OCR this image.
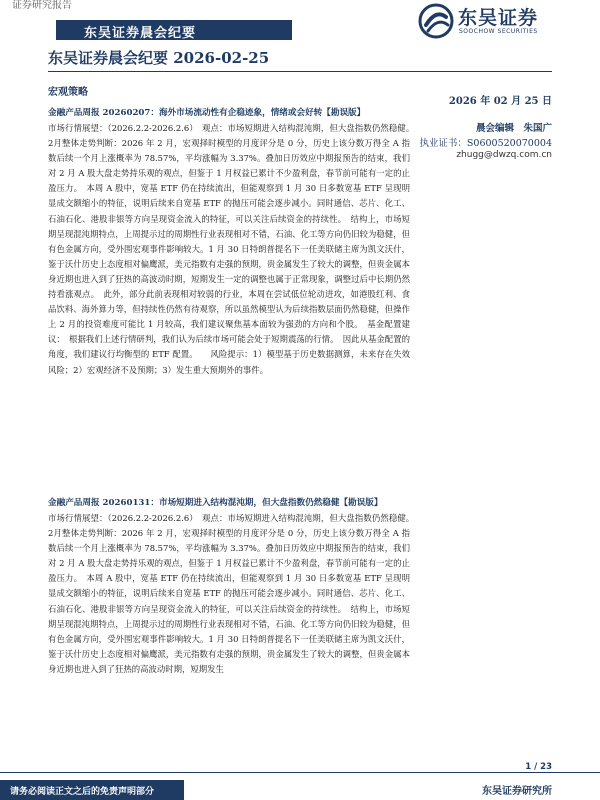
证券研究报告
东吴证券晨会纪要
东吴证券
SOOCHOW SECURITIES
东吴证券晨会纪要 2026-02-25
宏观策略
2026 年 02 月 25 日
晨会编辑　朱国广
执业证书：S0600520070004
zhugg@dwzq.com.cn

金融产品周报 20260207：海外市场流动性有企稳迹象，情绪或会好转【勘误版】

市场行情展望：（2026.2.2-2026.2.6）　观点：市场短期进入结构混沌期，但大盘指数仍然稳健。　2月整体走势判断：2026 年 2 月，宏观择时模型的月度评分是 0 分，历史上该分数万得全 A 指数后续一个月上涨概率为 78.57%，平均涨幅为 3.37%。叠加日历效应中期报预告的结束，我们对 2 月 A 股大盘走势持乐观的观点，但鉴于 1 月权益已累计不少盈利盘，春节前可能有一定的止盈压力。　本周 A 股中，宽基 ETF 仍在持续流出，但能观察到 1 月 30 日多数宽基 ETF 呈现明显成交额缩小的特征，说明后续来自宽基 ETF 的抛压可能会逐步减小。同时通信、芯片、化工、石油石化、港股非银等方向呈现资金流入的特征，可以关注后续资金的持续性。　结构上，市场短期呈现混沌期特点，上周提示过的周期性行业表现相对不错，石油、化工等方向仍旧较为稳健，但有色金属方向，受外围宏观事件影响较大。1 月 30 日特朗普提名下一任美联储主席为凯文沃什，鉴于沃什历史上态度相对偏鹰派，美元指数有走强的预期，贵金属发生了较大的调整，但贵金属本身近期也进入到了狂热的高波动时期，短期发生一定的调整也属于正常现象，调整过后中长期仍然持看涨观点。　此外，部分此前表现相对较弱的行业，本周在尝试低位轮动进攻，如港股红利、食品饮料、海外算力等，但持续性仍然有待观察，所以虽然模型认为后续指数层面仍然稳健，但操作上 2 月的投资难度可能比 1 月较高，我们建议聚焦基本面较为强劲的方向和个股。　基金配置建议：　根据我们上述行情研判，我们认为后续市场可能会处于短期震荡的行情。　因此从基金配置的角度，我们建议行均衡型的 ETF 配置。　　风险提示：1）模型基于历史数据测算，未来存在失效风险；2）宏观经济不及预期；3）发生重大预期外的事件。

金融产品周报 20260131：市场短期进入结构混沌期，但大盘指数仍然稳健【勘误版】

市场行情展望：（2026.2.2-2026.2.6）　观点：市场短期进入结构混沌期，但大盘指数仍然稳健。　2月整体走势判断：2026 年 2 月，宏观择时模型的月度评分是 0 分，历史上该分数万得全 A 指数后续一个月上涨概率为 78.57%，平均涨幅为 3.37%。叠加日历效应中期报预告的结束，我们对 2 月 A 股大盘走势持乐观的观点，但鉴于 1 月权益已累计不少盈利盘，春节前可能有一定的止盈压力。　本周 A 股中，宽基 ETF 仍在持续流出，但能观察到 1 月 30 日多数宽基 ETF 呈现明显成交额缩小的特征，说明后续来自宽基 ETF 的抛压可能会逐步减小。同时通信、芯片、化工、石油石化、港股非银等方向呈现资金流入的特征，可以关注后续资金的持续性。　结构上，市场短期呈现混沌期特点，上周提示过的周期性行业表现相对不错，石油、化工等方向仍旧较为稳健，但有色金属方向，受外围宏观事件影响较大。1 月 30 日特朗普提名下一任美联储主席为凯文沃什，鉴于沃什历史上态度相对偏鹰派，美元指数有走强的预期，贵金属发生了较大的调整，但贵金属本身近期也进入到了狂热的高波动时期，短期发生

1 / 23
请务必阅读正文之后的免责声明部分	东吴证券研究所
